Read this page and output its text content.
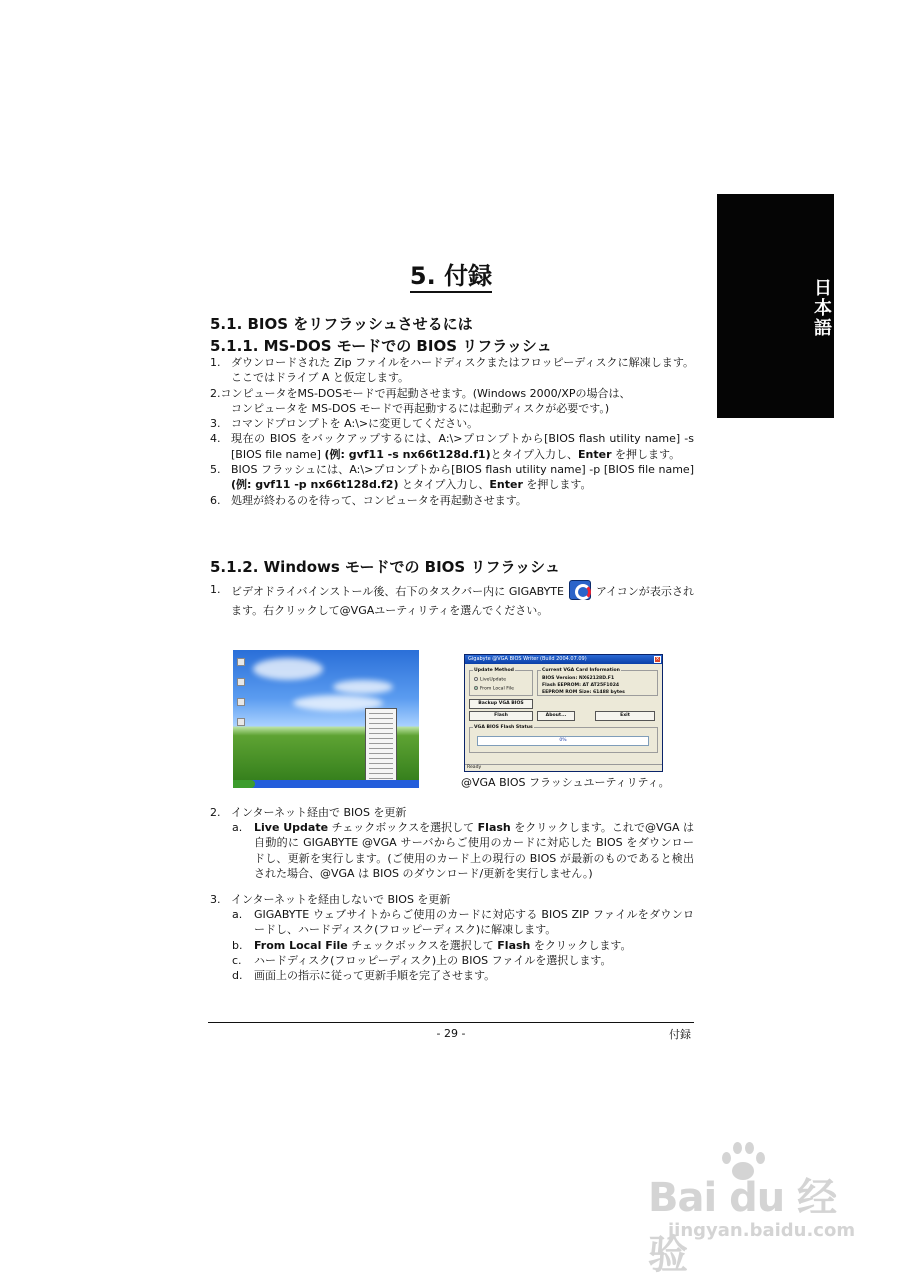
日本語
5. 付録
5.1. BIOS をリフラッシュさせるには
5.1.1. MS-DOS モードでの BIOS リフラッシュ
1. ダウンロードされた Zip ファイルをハードディスクまたはフロッピーディスクに解凍します。ここではドライブ A と仮定します。
2.コンピュータをMS-DOSモードで再起動させます。(Windows 2000/XPの場合は、
コンピュータを MS-DOS モードで再起動するには起動ディスクが必要です。)
3. コマンドプロンプトを A:\>に変更してください。
4. 現在の BIOS をバックアップするには、A:\>プロンプトから[BIOS flash utility name] -s [BIOS file name] (例: gvf11 -s nx66t128d.f1)とタイプ入力し、Enter を押します。
5. BIOS フラッシュには、A:\>プロンプトから[BIOS flash utility name] -p [BIOS file name] (例: gvf11 -p nx66t128d.f2) とタイプ入力し、Enter を押します。
6. 処理が終わるのを待って、コンピュータを再起動させます。
5.1.2. Windows モードでの BIOS リフラッシュ
1. ビデオドライバインストール後、右下のタスクバー内に GIGABYTE	アイコンが表示されます。右クリックして@VGAユーティリティを選んでください。
Gigabyte @VGA BIOS Writer (Build 2004.07.09)	×
Update Method
LiveUpdate
From Local File
Current VGA Card Information
BIOS Version: NX62128D.F1
Flash EEPROM: AT AT25F1024
EEPROM ROM Size: 61488 bytes
Backup VGA BIOS
Flash	About...	Exit
VGA BIOS Flash Status
0%
Ready
@VGA BIOS フラッシュユーティリティ。
2. インターネット経由で BIOS を更新
a. Live Update チェックボックスを選択して Flash をクリックします。これで@VGA は自動的に GIGABYTE @VGA サーバからご使用のカードに対応した BIOS をダウンロードし、更新を実行します。(ご使用のカード上の現行の BIOS が最新のものであると検出された場合、@VGA は BIOS のダウンロード/更新を実行しません。)
3. インターネットを経由しないで BIOS を更新
a. GIGABYTE ウェブサイトからご使用のカードに対応する BIOS ZIP ファイルをダウンロードし、ハードディスク(フロッピーディスク)に解凍します。
b. From Local File チェックボックスを選択して Flash をクリックします。
c. ハードディスク(フロッピーディスク)上の BIOS ファイルを選択します。
d. 画面上の指示に従って更新手順を完了させます。
- 29 -	付録
Bai du 经验
jingyan.baidu.com
